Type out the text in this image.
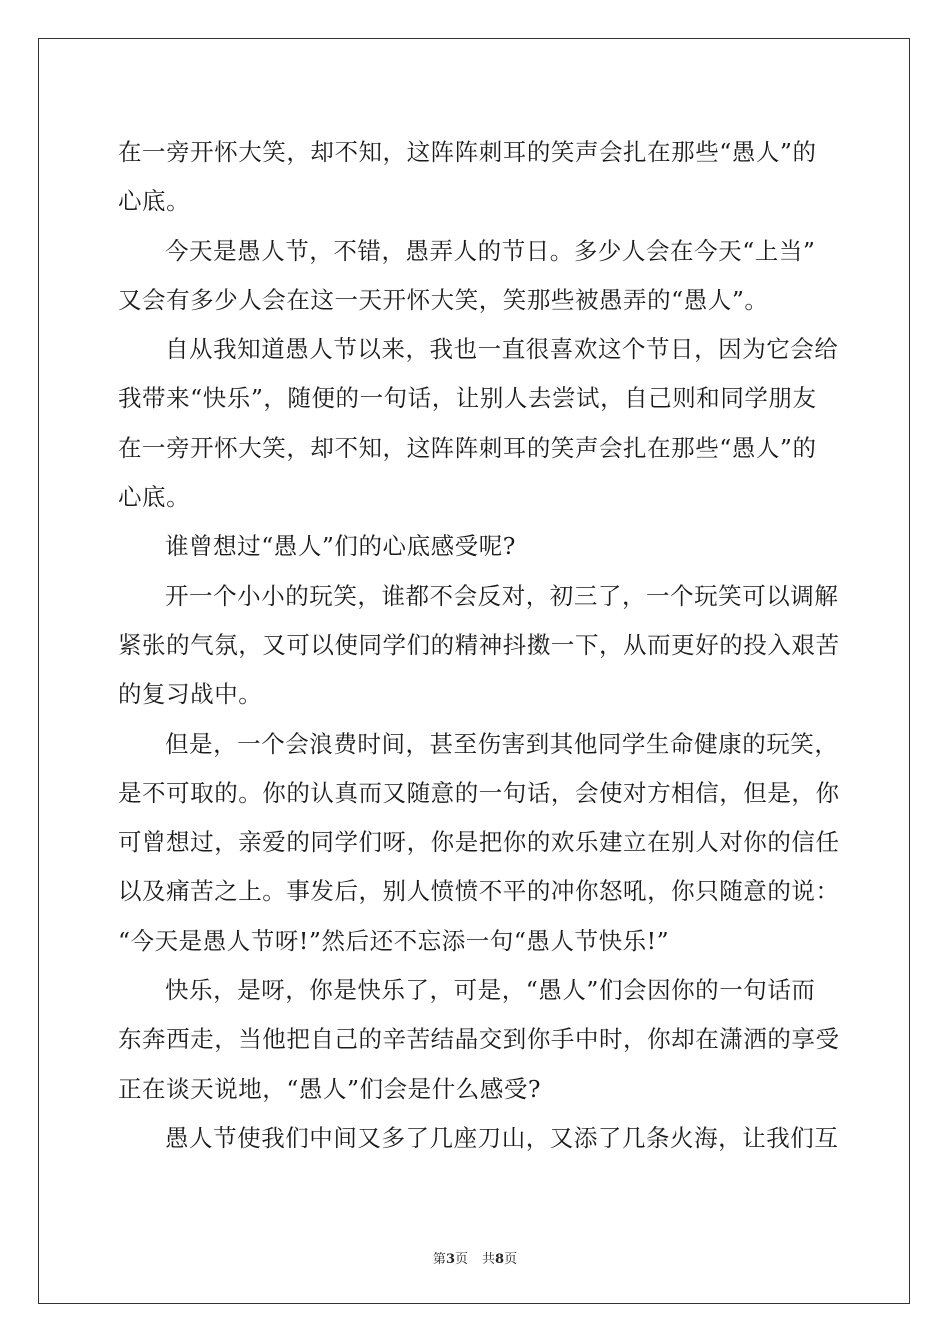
在一旁开怀大笑，却不知，这阵阵刺耳的笑声会扎在那些“愚人”的
心底。
今天是愚人节，不错，愚弄人的节日。多少人会在今天“上当”
又会有多少人会在这一天开怀大笑，笑那些被愚弄的“愚人”。
自从我知道愚人节以来，我也一直很喜欢这个节日，因为它会给
我带来“快乐”，随便的一句话，让别人去尝试，自己则和同学朋友
在一旁开怀大笑，却不知，这阵阵刺耳的笑声会扎在那些“愚人”的
心底。
谁曾想过“愚人”们的心底感受呢?
开一个小小的玩笑，谁都不会反对，初三了，一个玩笑可以调解
紧张的气氛，又可以使同学们的精神抖擞一下，从而更好的投入艰苦
的复习战中。
但是，一个会浪费时间，甚至伤害到其他同学生命健康的玩笑，
是不可取的。你的认真而又随意的一句话，会使对方相信，但是，你
可曾想过，亲爱的同学们呀，你是把你的欢乐建立在别人对你的信任
以及痛苦之上。事发后，别人愤愤不平的冲你怒吼，你只随意的说：
“今天是愚人节呀!”然后还不忘添一句“愚人节快乐!”
快乐，是呀，你是快乐了，可是，“愚人”们会因你的一句话而
东奔西走，当他把自己的辛苦结晶交到你手中时，你却在潇洒的享受
正在谈天说地，“愚人”们会是什么感受?
愚人节使我们中间又多了几座刀山，又添了几条火海，让我们互
第3页 共8页
